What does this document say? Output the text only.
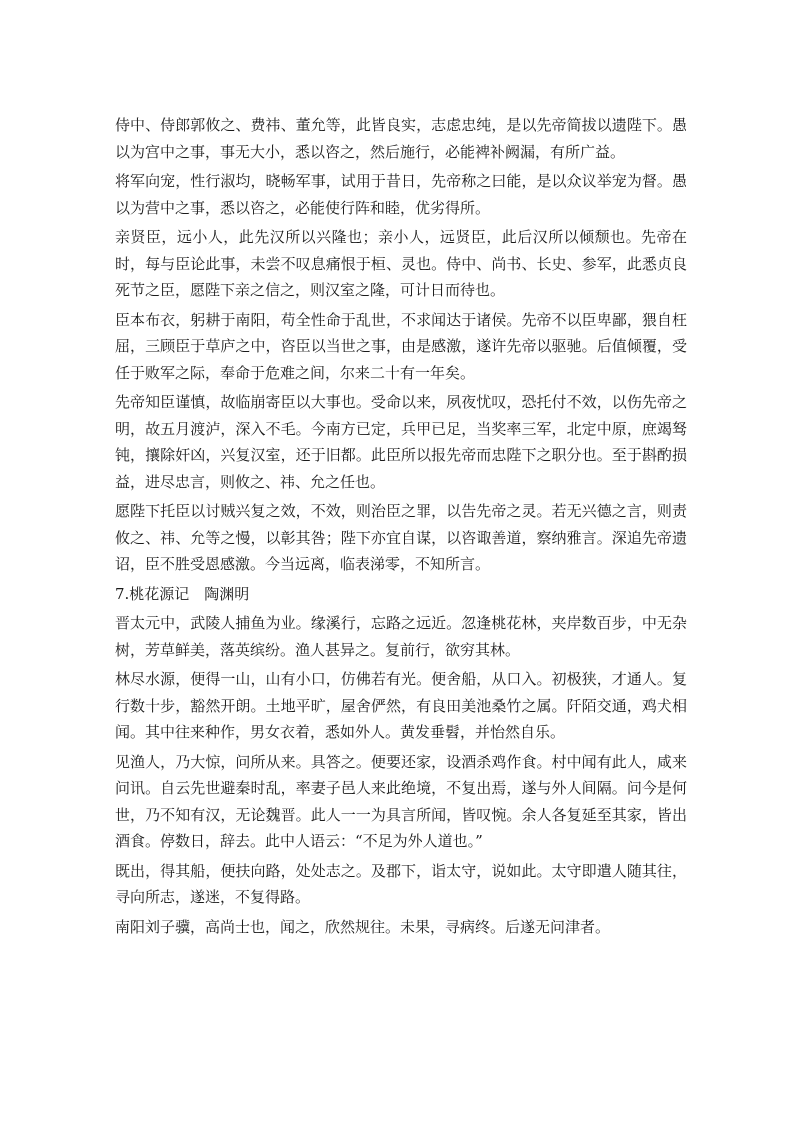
侍中、侍郎郭攸之、费祎、董允等，此皆良实，志虑忠纯，是以先帝简拔以遗陛下。愚以为宫中之事，事无大小，悉以咨之，然后施行，必能裨补阙漏，有所广益。

将军向宠，性行淑均，晓畅军事，试用于昔日，先帝称之曰能，是以众议举宠为督。愚以为营中之事，悉以咨之，必能使行阵和睦，优劣得所。

亲贤臣，远小人，此先汉所以兴隆也；亲小人，远贤臣，此后汉所以倾颓也。先帝在时，每与臣论此事，未尝不叹息痛恨于桓、灵也。侍中、尚书、长史、参军，此悉贞良死节之臣，愿陛下亲之信之，则汉室之隆，可计日而待也。

臣本布衣，躬耕于南阳，苟全性命于乱世，不求闻达于诸侯。先帝不以臣卑鄙，猥自枉屈，三顾臣于草庐之中，咨臣以当世之事，由是感激，遂许先帝以驱驰。后值倾覆，受任于败军之际，奉命于危难之间，尔来二十有一年矣。

先帝知臣谨慎，故临崩寄臣以大事也。受命以来，夙夜忧叹，恐托付不效，以伤先帝之明，故五月渡泸，深入不毛。今南方已定，兵甲已足，当奖率三军，北定中原，庶竭驽钝，攘除奸凶，兴复汉室，还于旧都。此臣所以报先帝而忠陛下之职分也。至于斟酌损益，进尽忠言，则攸之、祎、允之任也。

愿陛下托臣以讨贼兴复之效，不效，则治臣之罪，以告先帝之灵。若无兴德之言，则责攸之、祎、允等之慢，以彰其咎；陛下亦宜自谋，以咨诹善道，察纳雅言。深追先帝遗诏，臣不胜受恩感激。今当远离，临表涕零，不知所言。

7.桃花源记　陶渊明

晋太元中，武陵人捕鱼为业。缘溪行，忘路之远近。忽逢桃花林，夹岸数百步，中无杂树，芳草鲜美，落英缤纷。渔人甚异之。复前行，欲穷其林。

林尽水源，便得一山，山有小口，仿佛若有光。便舍船，从口入。初极狭，才通人。复行数十步，豁然开朗。土地平旷，屋舍俨然，有良田美池桑竹之属。阡陌交通，鸡犬相闻。其中往来种作，男女衣着，悉如外人。黄发垂髫，并怡然自乐。

见渔人，乃大惊，问所从来。具答之。便要还家，设酒杀鸡作食。村中闻有此人，咸来问讯。自云先世避秦时乱，率妻子邑人来此绝境，不复出焉，遂与外人间隔。问今是何世，乃不知有汉，无论魏晋。此人一一为具言所闻，皆叹惋。余人各复延至其家，皆出酒食。停数日，辞去。此中人语云：“不足为外人道也。”

既出，得其船，便扶向路，处处志之。及郡下，诣太守，说如此。太守即遣人随其往，寻向所志，遂迷，不复得路。

南阳刘子骥，高尚士也，闻之，欣然规往。未果，寻病终。后遂无问津者。
